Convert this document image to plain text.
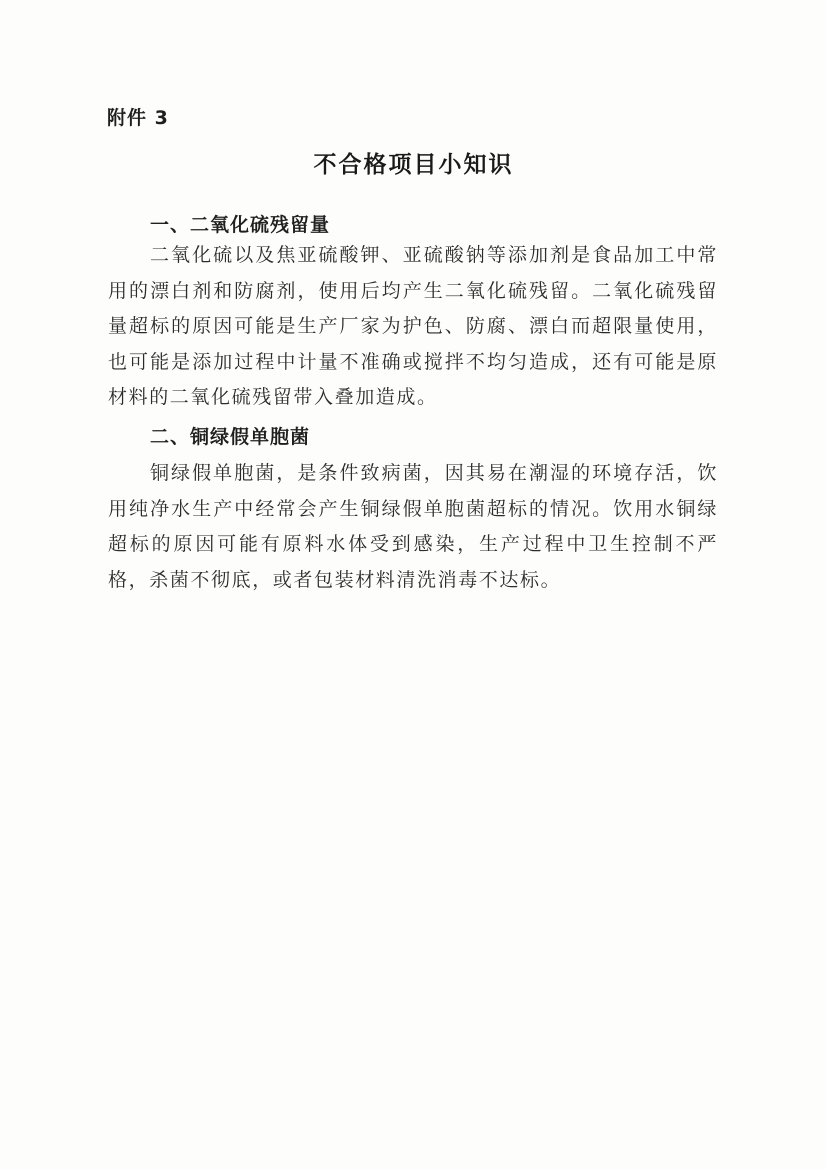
附件 3
不合格项目小知识
一、二氧化硫残留量
二氧化硫以及焦亚硫酸钾、亚硫酸钠等添加剂是食品加工中常用的漂白剂和防腐剂，使用后均产生二氧化硫残留。二氧化硫残留量超标的原因可能是生产厂家为护色、防腐、漂白而超限量使用，也可能是添加过程中计量不准确或搅拌不均匀造成，还有可能是原材料的二氧化硫残留带入叠加造成。
二、铜绿假单胞菌
铜绿假单胞菌，是条件致病菌，因其易在潮湿的环境存活，饮用纯净水生产中经常会产生铜绿假单胞菌超标的情况。饮用水铜绿超标的原因可能有原料水体受到感染，生产过程中卫生控制不严格，杀菌不彻底，或者包装材料清洗消毒不达标。
